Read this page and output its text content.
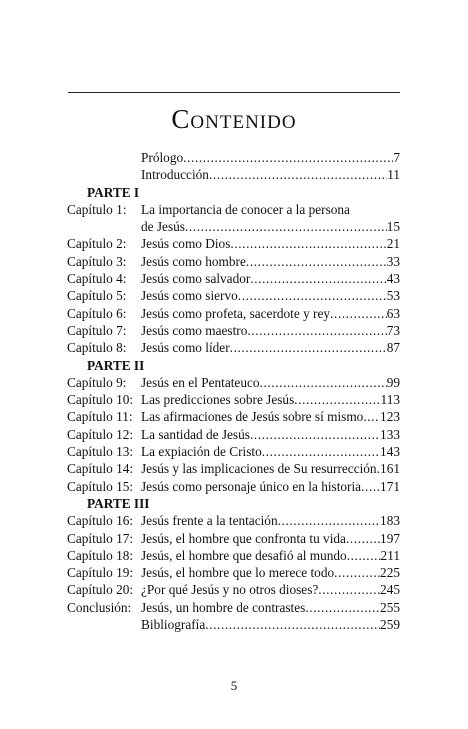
Contenido
Prólogo .....	7
Introducción .....	11
PARTE I
Capítulo 1:	La importancia de conocer a la persona
de Jesús .....	15
Capítulo 2:	Jesús como Dios .....	21
Capítulo 3:	Jesús como hombre .....	33
Capítulo 4:	Jesús como salvador .....	43
Capítulo 5:	Jesús como siervo .....	53
Capítulo 6:	Jesús como profeta, sacerdote y rey .....	63
Capítulo 7:	Jesús como maestro .....	73
Capítulo 8:	Jesús como líder .....	87
PARTE II
Capítulo 9:	Jesús en el Pentateuco .....	99
Capítulo 10: Las predicciones sobre Jesús .....	113
Capítulo 11: Las afirmaciones de Jesús sobre sí mismo ..... 123
Capítulo 12: La santidad de Jesús .....	133
Capítulo 13: La expiación de Cristo .....	143
Capítulo 14: Jesús y las implicaciones de Su resurrección ..... 161
Capítulo 15: Jesús como personaje único en la historia ..... 171
PARTE III
Capítulo 16: Jesús frente a la tentación .....	183
Capítulo 17: Jesús, el hombre que confronta tu vida .....	197
Capítulo 18: Jesús, el hombre que desafió al mundo .....	211
Capítulo 19: Jesús, el hombre que lo merece todo .....	225
Capítulo 20: ¿Por qué Jesús y no otros dioses? .....	245
Conclusión: Jesús, un hombre de contrastes .....	255
Bibliografía .....	259
5
